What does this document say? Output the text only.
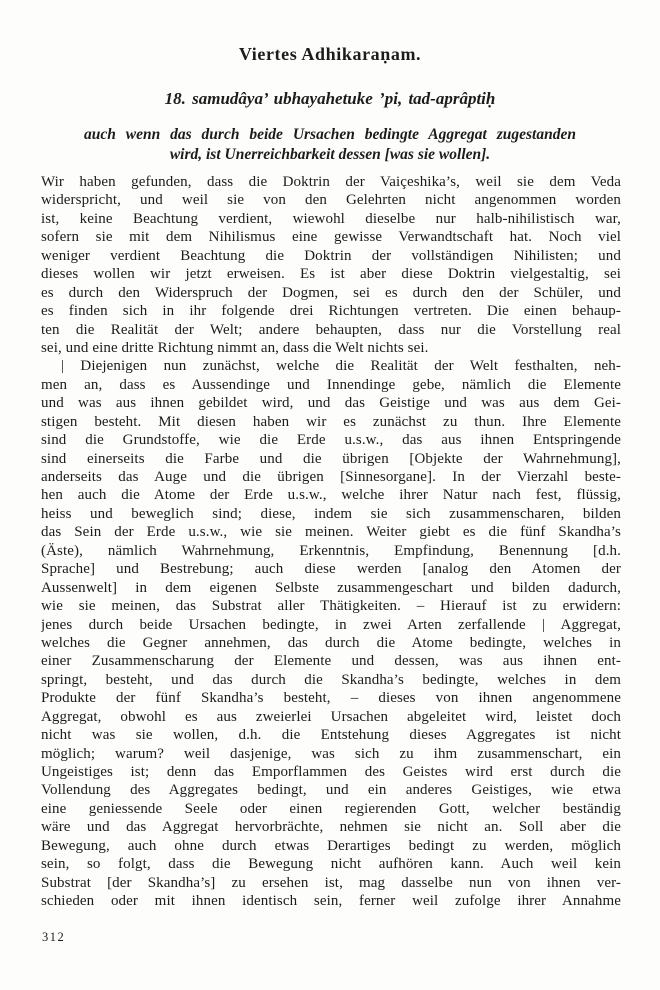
Viertes Adhikaraṇam.
18. samudâya’ ubhayahetuke ’pi, tad-aprâptiḥ
auch wenn das durch beide Ursachen bedingte Aggregat zugestanden
wird, ist Unerreichbarkeit dessen [was sie wollen].
Wir haben gefunden, dass die Doktrin der Vaiçeshika’s, weil sie dem Veda
widerspricht, und weil sie von den Gelehrten nicht angenommen worden
ist, keine Beachtung verdient, wiewohl dieselbe nur halb-nihilistisch war,
sofern sie mit dem Nihilismus eine gewisse Verwandtschaft hat. Noch viel
weniger verdient Beachtung die Doktrin der vollständigen Nihilisten; und
dieses wollen wir jetzt erweisen. Es ist aber diese Doktrin vielgestaltig, sei
es durch den Widerspruch der Dogmen, sei es durch den der Schüler, und
es finden sich in ihr folgende drei Richtungen vertreten. Die einen behaup-
ten die Realität der Welt; andere behaupten, dass nur die Vorstellung real
sei, und eine dritte Richtung nimmt an, dass die Welt nichts sei.
| Diejenigen nun zunächst, welche die Realität der Welt festhalten, neh-
men an, dass es Aussendinge und Innendinge gebe, nämlich die Elemente
und was aus ihnen gebildet wird, und das Geistige und was aus dem Gei-
stigen besteht. Mit diesen haben wir es zunächst zu thun. Ihre Elemente
sind die Grundstoffe, wie die Erde u.s.w., das aus ihnen Entspringende
sind einerseits die Farbe und die übrigen [Objekte der Wahrnehmung],
anderseits das Auge und die übrigen [Sinnesorgane]. In der Vierzahl beste-
hen auch die Atome der Erde u.s.w., welche ihrer Natur nach fest, flüssig,
heiss und beweglich sind; diese, indem sie sich zusammenscharen, bilden
das Sein der Erde u.s.w., wie sie meinen. Weiter giebt es die fünf Skandha’s
(Äste), nämlich Wahrnehmung, Erkenntnis, Empfindung, Benennung [d.h.
Sprache] und Bestrebung; auch diese werden [analog den Atomen der
Aussenwelt] in dem eigenen Selbste zusammengeschart und bilden dadurch,
wie sie meinen, das Substrat aller Thätigkeiten. – Hierauf ist zu erwidern:
jenes durch beide Ursachen bedingte, in zwei Arten zerfallende | Aggregat,
welches die Gegner annehmen, das durch die Atome bedingte, welches in
einer Zusammenscharung der Elemente und dessen, was aus ihnen ent-
springt, besteht, und das durch die Skandha’s bedingte, welches in dem
Produkte der fünf Skandha’s besteht, – dieses von ihnen angenommene
Aggregat, obwohl es aus zweierlei Ursachen abgeleitet wird, leistet doch
nicht was sie wollen, d.h. die Entstehung dieses Aggregates ist nicht
möglich; warum? weil dasjenige, was sich zu ihm zusammenschart, ein
Ungeistiges ist; denn das Emporflammen des Geistes wird erst durch die
Vollendung des Aggregates bedingt, und ein anderes Geistiges, wie etwa
eine geniessende Seele oder einen regierenden Gott, welcher beständig
wäre und das Aggregat hervorbrächte, nehmen sie nicht an. Soll aber die
Bewegung, auch ohne durch etwas Derartiges bedingt zu werden, möglich
sein, so folgt, dass die Bewegung nicht aufhören kann. Auch weil kein
Substrat [der Skandha’s] zu ersehen ist, mag dasselbe nun von ihnen ver-
schieden oder mit ihnen identisch sein, ferner weil zufolge ihrer Annahme
312
